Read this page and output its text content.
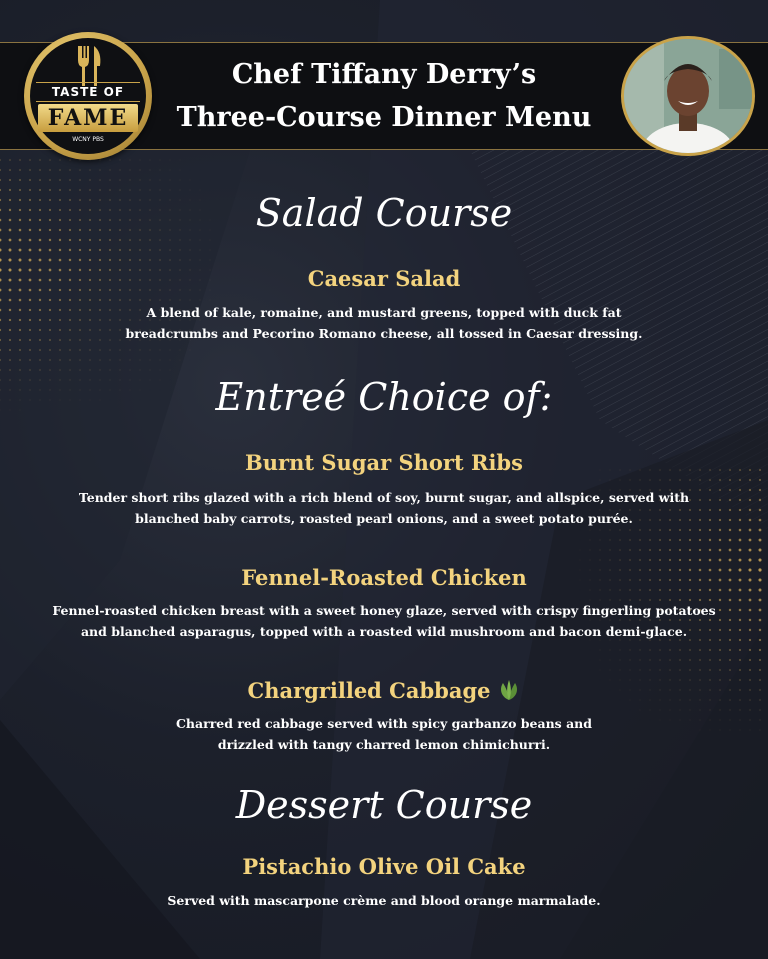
TASTE OF
FAME
WCNY PBS
Chef Tiffany Derry’s
Three-Course Dinner Menu
Salad Course
Caesar Salad
A blend of kale, romaine, and mustard greens, topped with duck fat
breadcrumbs and Pecorino Romano cheese, all tossed in Caesar dressing.
Entreé Choice of:
Burnt Sugar Short Ribs
Tender short ribs glazed with a rich blend of soy, burnt sugar, and allspice, served with
blanched baby carrots, roasted pearl onions, and a sweet potato purée.
Fennel-Roasted Chicken
Fennel-roasted chicken breast with a sweet honey glaze, served with crispy fingerling potatoes
and blanched asparagus, topped with a roasted wild mushroom and bacon demi-glace.
Chargrilled Cabbage
Charred red cabbage served with spicy garbanzo beans and
drizzled with tangy charred lemon chimichurri.
Dessert Course
Pistachio Olive Oil Cake
Served with mascarpone crème and blood orange marmalade.
